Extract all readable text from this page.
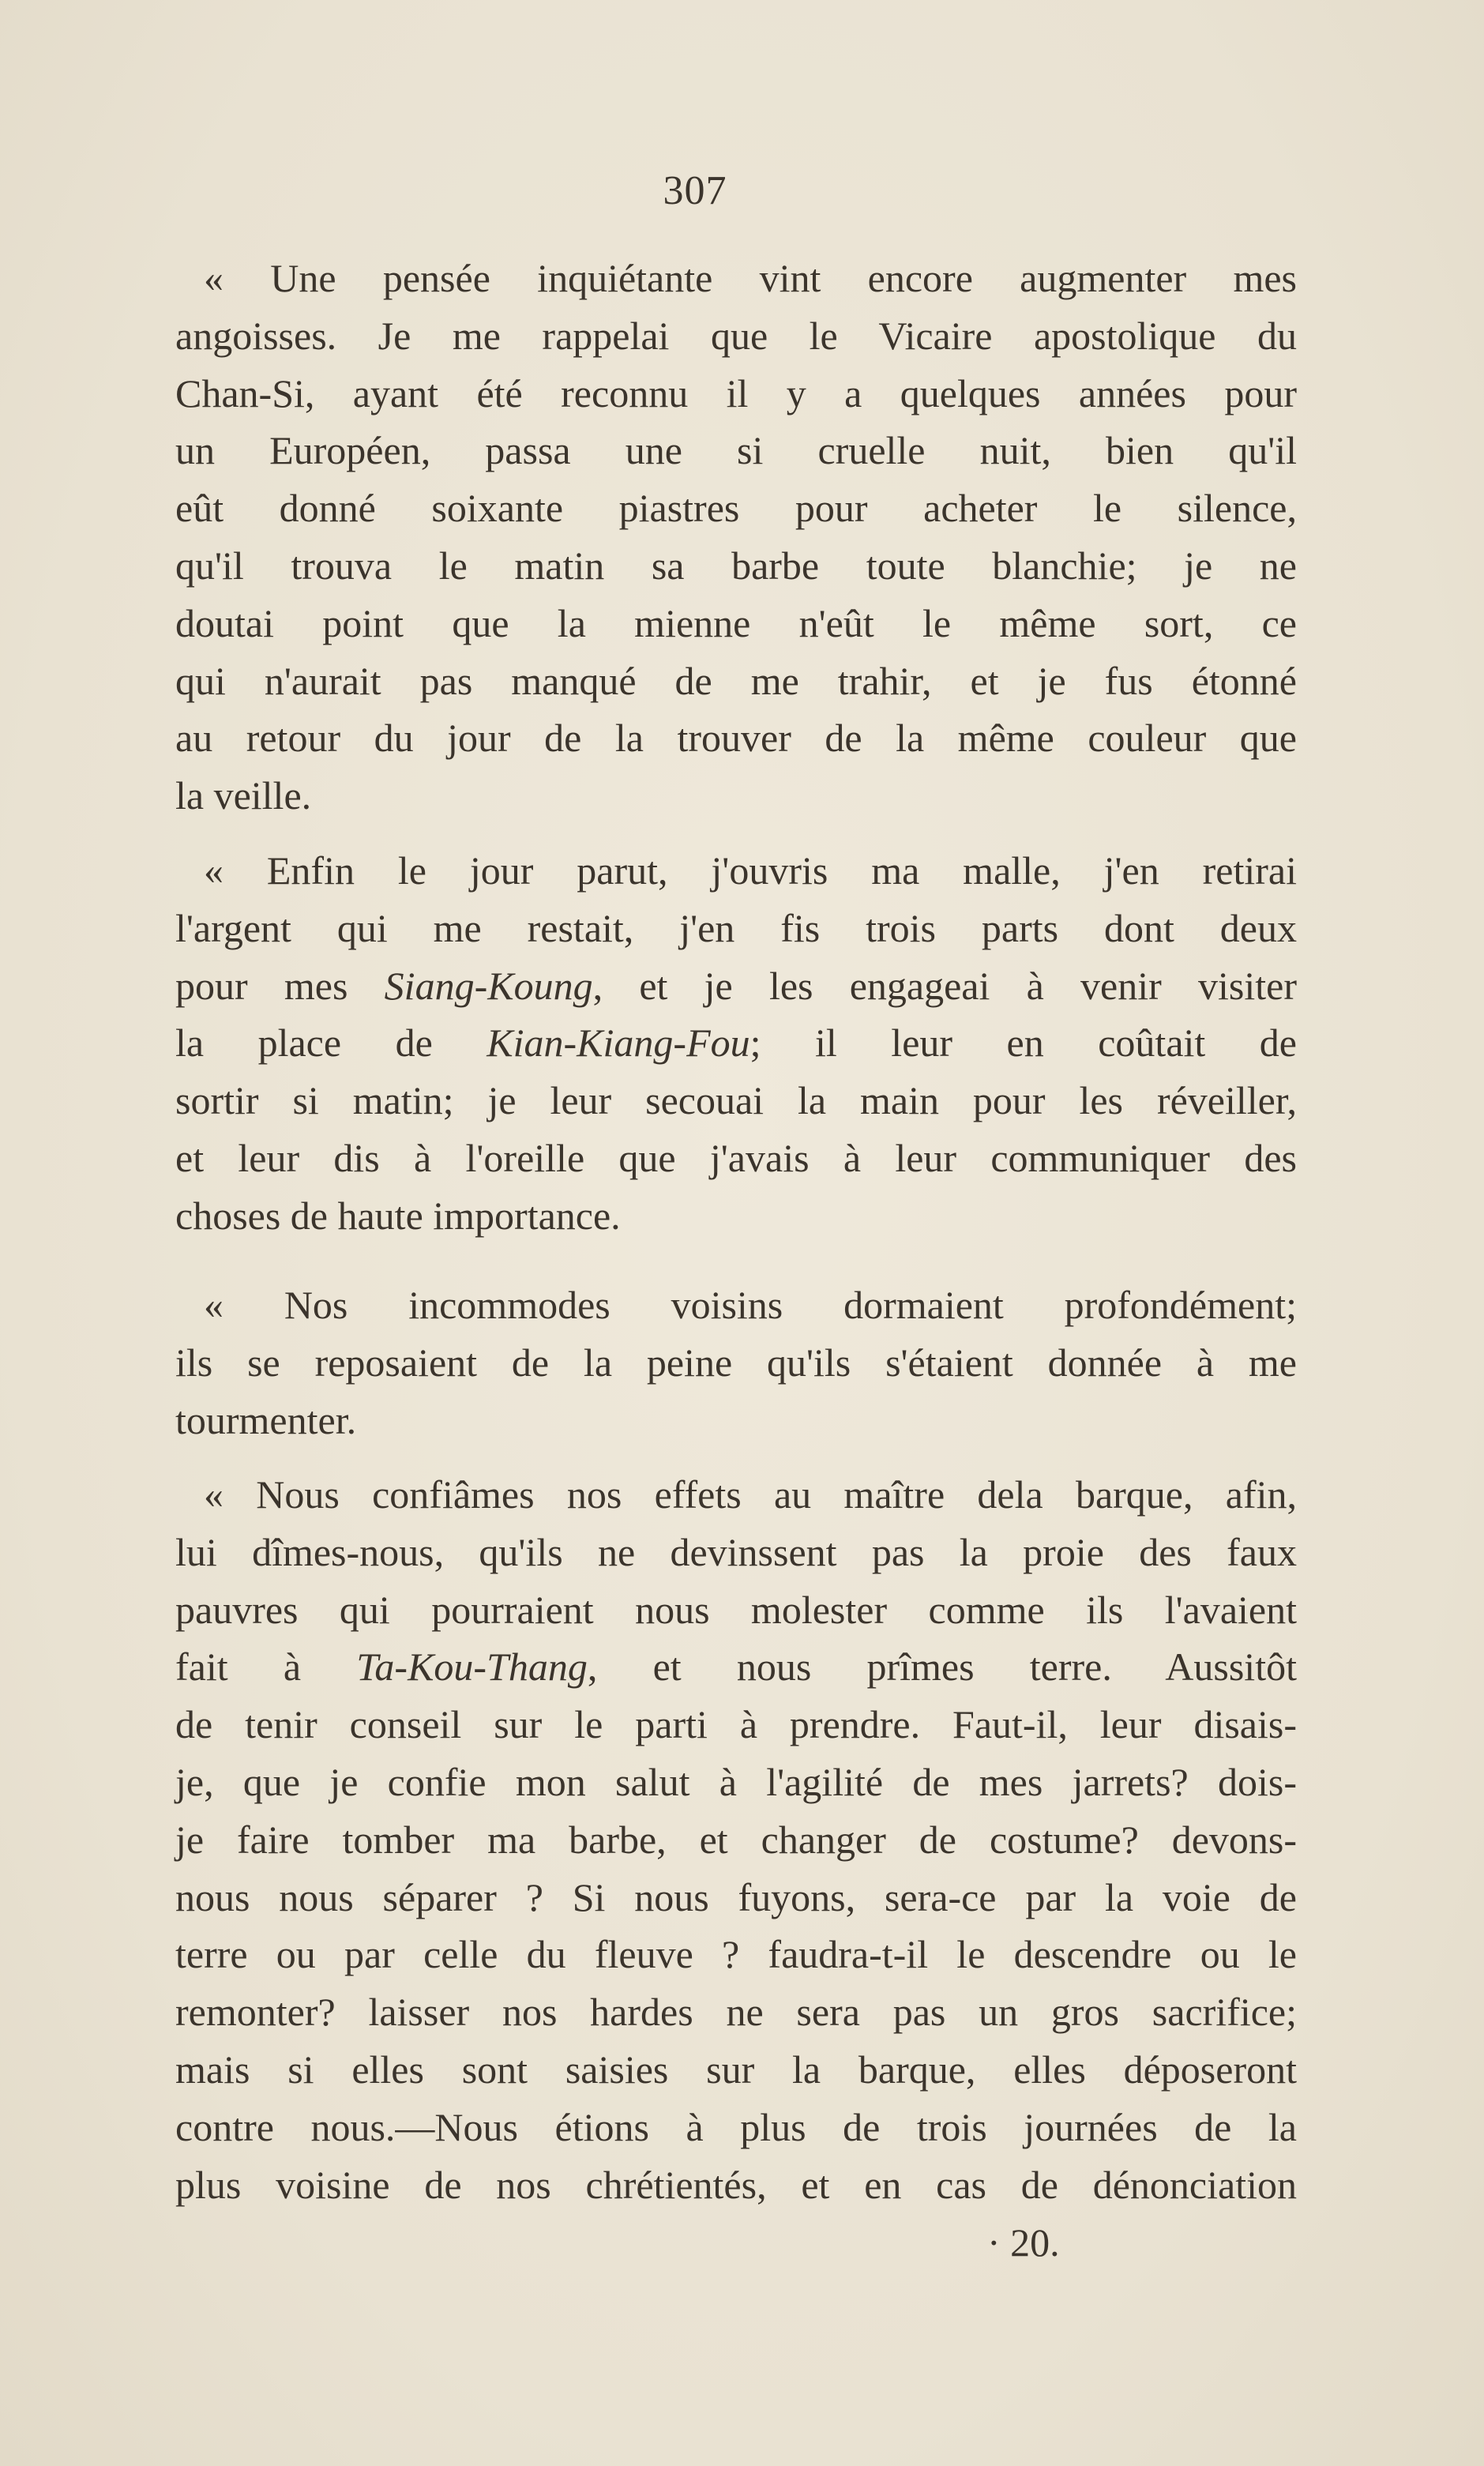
307
« Une pensée inquiétante vint encore augmenter mes
angoisses. Je me rappelai que le Vicaire apostolique du
Chan-Si, ayant été reconnu il y a quelques années pour
un Européen, passa une si cruelle nuit, bien qu'il
eût donné soixante piastres pour acheter le silence,
qu'il trouva le matin sa barbe toute blanchie; je ne
doutai point que la mienne n'eût le même sort, ce
qui n'aurait pas manqué de me trahir, et je fus étonné
au retour du jour de la trouver de la même couleur que
la veille.
« Enfin le jour parut, j'ouvris ma malle, j'en retirai
l'argent qui me restait, j'en fis trois parts dont deux
pour mes Siang-Koung, et je les engageai à venir visiter
la place de Kian-Kiang-Fou; il leur en coûtait de
sortir si matin; je leur secouai la main pour les réveiller,
et leur dis à l'oreille que j'avais à leur communiquer des
choses de haute importance.
« Nos incommodes voisins dormaient profondément;
ils se reposaient de la peine qu'ils s'étaient donnée à me
tourmenter.
« Nous confiâmes nos effets au maître dela barque, afin,
lui dîmes-nous, qu'ils ne devinssent pas la proie des faux
pauvres qui pourraient nous molester comme ils l'avaient
fait à Ta-Kou-Thang, et nous prîmes terre. Aussitôt
de tenir conseil sur le parti à prendre. Faut-il, leur disais-
je, que je confie mon salut à l'agilité de mes jarrets? dois-
je faire tomber ma barbe, et changer de costume? devons-
nous nous séparer ? Si nous fuyons, sera-ce par la voie de
terre ou par celle du fleuve ? faudra-t-il le descendre ou le
remonter? laisser nos hardes ne sera pas un gros sacrifice;
mais si elles sont saisies sur la barque, elles déposeront
contre nous.—Nous étions à plus de trois journées de la
plus voisine de nos chrétientés, et en cas de dénonciation
· 20.
